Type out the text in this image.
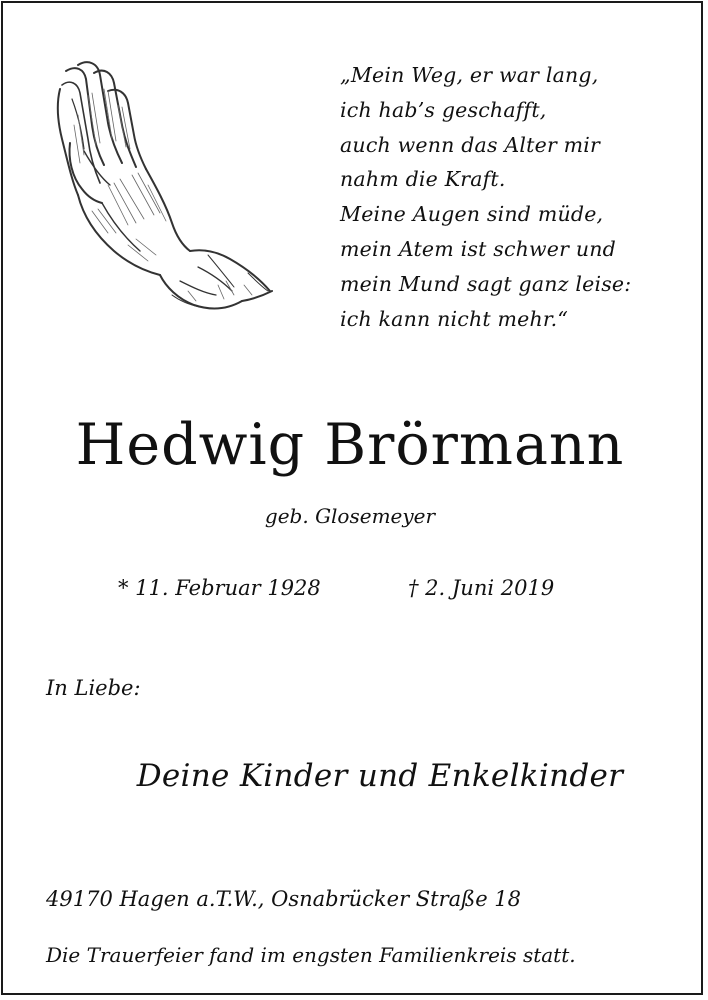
„Mein Weg, er war lang,
ich hab’s geschafft,
auch wenn das Alter mir
nahm die Kraft.
Meine Augen sind müde,
mein Atem ist schwer und
mein Mund sagt ganz leise:
ich kann nicht mehr.“
Hedwig Brörmann
geb. Glosemeyer
* 11. Februar 1928	† 2. Juni 2019
In Liebe:
Deine Kinder und Enkelkinder
49170 Hagen a.T.W., Osnabrücker Straße 18
Die Trauerfeier fand im engsten Familienkreis statt.
